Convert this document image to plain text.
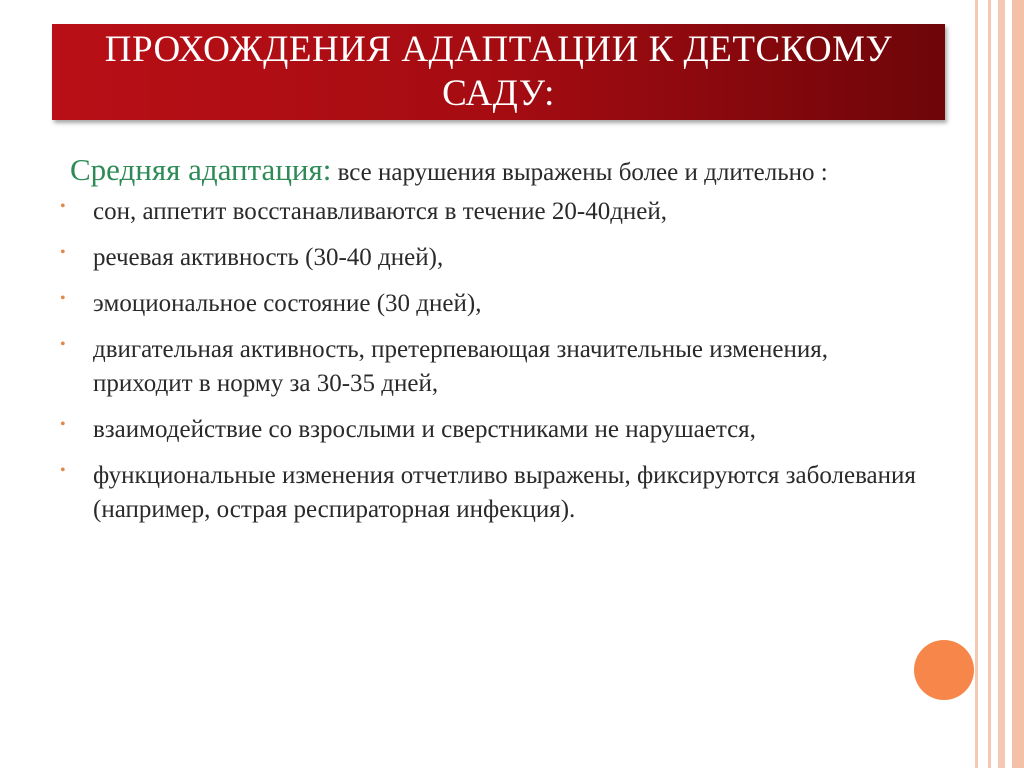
ПРОХОЖДЕНИЯ АДАПТАЦИИ К ДЕТСКОМУ САДУ:
Средняя адаптация: все нарушения выражены более и длительно :
• сон, аппетит восстанавливаются в течение 20-40дней,
• речевая активность (30-40 дней),
• эмоциональное состояние (30 дней),
• двигательная активность, претерпевающая значительные изменения, приходит в норму за 30-35 дней,
• взаимодействие со взрослыми и сверстниками не нарушается,
• функциональные изменения отчетливо выражены, фиксируются заболевания (например, острая респираторная инфекция).
